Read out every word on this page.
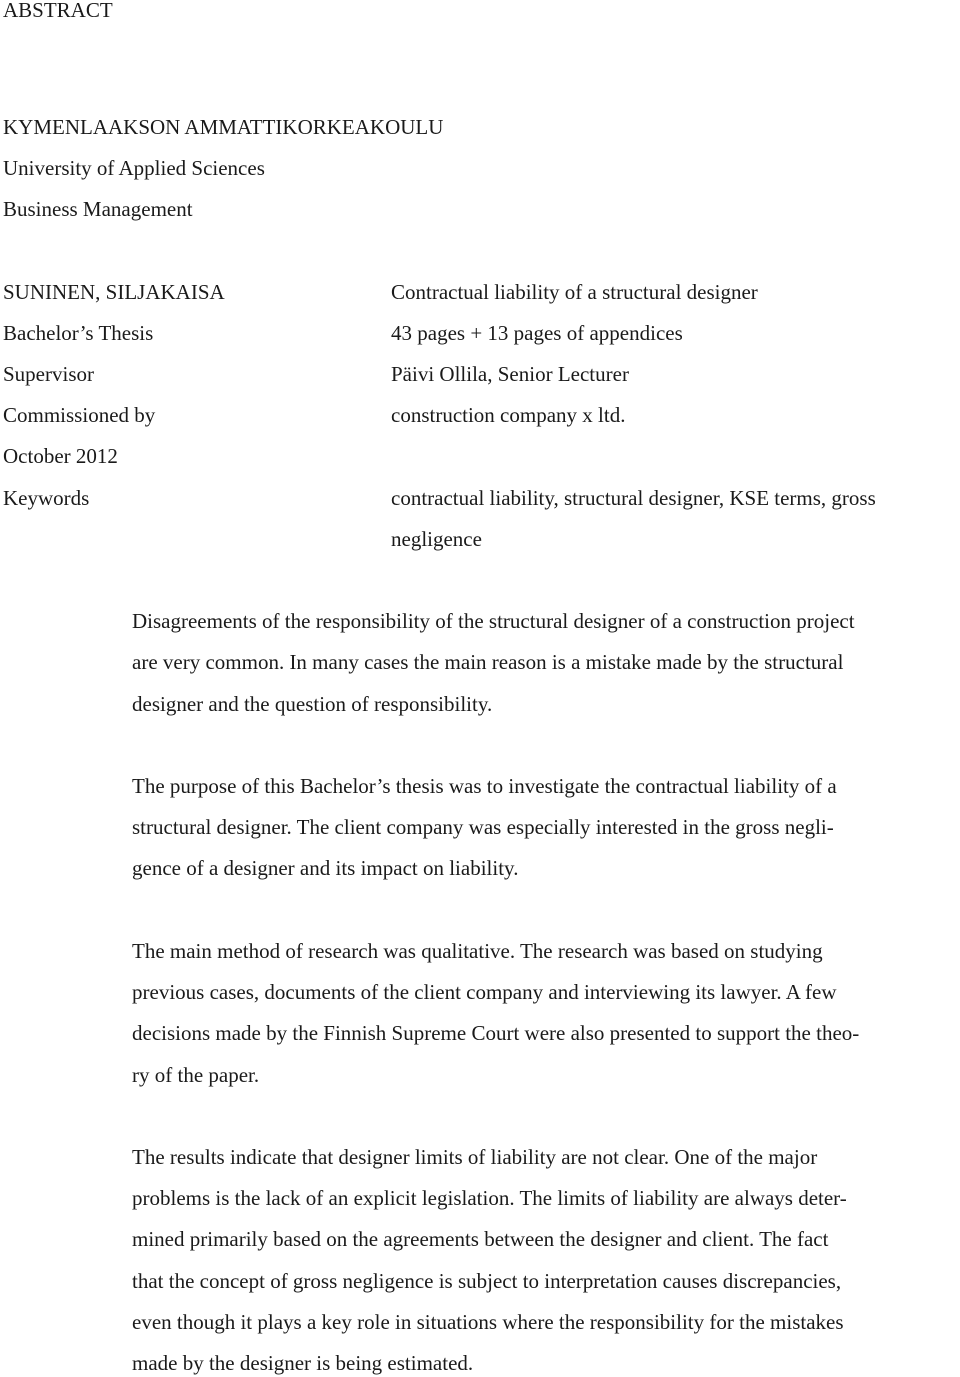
ABSTRACT
KYMENLAAKSON AMMATTIKORKEAKOULU
University of Applied Sciences
Business Management
SUNINEN, SILJAKAISA	Contractual liability of a structural designer
Bachelor’s Thesis	43 pages + 13 pages of appendices
Supervisor	Päivi Ollila, Senior Lecturer
Commissioned by	construction company x ltd.
October 2012
Keywords	contractual liability, structural designer, KSE terms, gross
negligence
Disagreements of the responsibility of the structural designer of a construction project
are very common. In many cases the main reason is a mistake made by the structural
designer and the question of responsibility.
The purpose of this Bachelor’s thesis was to investigate the contractual liability of a
structural designer. The client company was especially interested in the gross negli-
gence of a designer and its impact on liability.
The main method of research was qualitative. The research was based on studying
previous cases, documents of the client company and interviewing its lawyer. A few
decisions made by the Finnish Supreme Court were also presented to support the theo-
ry of the paper.
The results indicate that designer limits of liability are not clear. One of the major
problems is the lack of an explicit legislation. The limits of liability are always deter-
mined primarily based on the agreements between the designer and client. The fact
that the concept of gross negligence is subject to interpretation causes discrepancies,
even though it plays a key role in situations where the responsibility for the mistakes
made by the designer is being estimated.
